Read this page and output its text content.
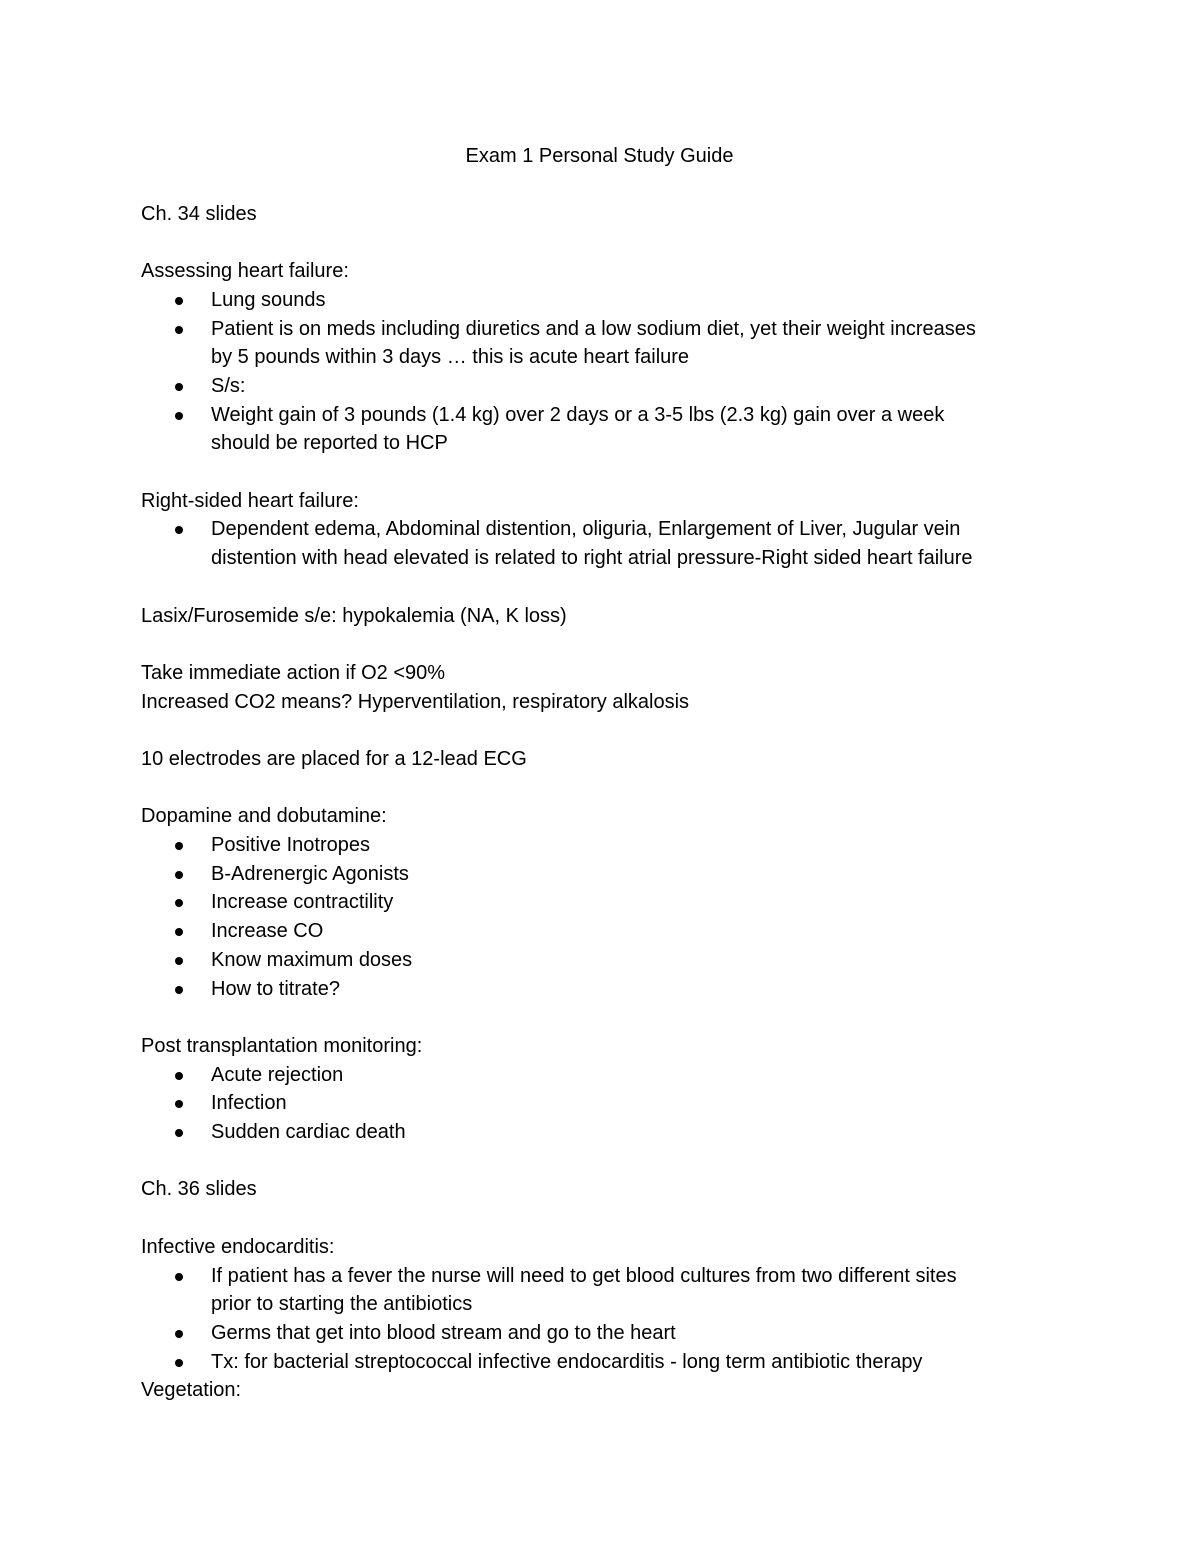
Exam 1 Personal Study Guide

Ch. 34 slides

Assessing heart failure:

Lung sounds
Patient is on meds including diuretics and a low sodium diet, yet their weight increases by 5 pounds within 3 days … this is acute heart failure
S/s:
Weight gain of 3 pounds (1.4 kg) over 2 days or a 3-5 lbs (2.3 kg) gain over a week should be reported to HCP

Right-sided heart failure:

Dependent edema, Abdominal distention, oliguria, Enlargement of Liver, Jugular vein distention with head elevated is related to right atrial pressure-Right sided heart failure

Lasix/Furosemide s/e: hypokalemia (NA, K loss)

Take immediate action if O2 <90%

Increased CO2 means? Hyperventilation, respiratory alkalosis

10 electrodes are placed for a 12-lead ECG

Dopamine and dobutamine:

Positive Inotropes
B-Adrenergic Agonists
Increase contractility
Increase CO
Know maximum doses
How to titrate?

Post transplantation monitoring:

Acute rejection
Infection
Sudden cardiac death

Ch. 36 slides

Infective endocarditis:

If patient has a fever the nurse will need to get blood cultures from two different sites prior to starting the antibiotics
Germs that get into blood stream and go to the heart
Tx: for bacterial streptococcal infective endocarditis - long term antibiotic therapy

Vegetation:
